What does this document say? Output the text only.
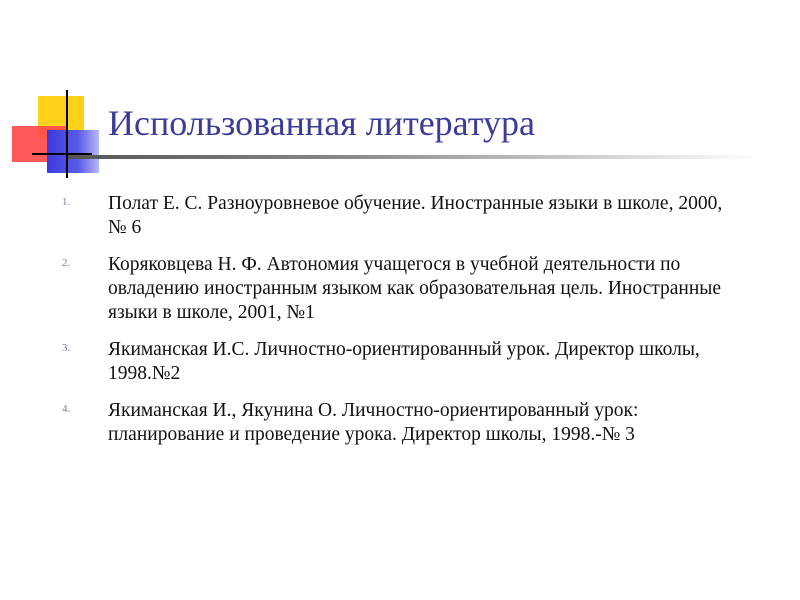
Использованная литература
1. Полат Е. С. Разноуровневое обучение. Иностранные языки в школе, 2000, № 6
2. Коряковцева Н. Ф. Автономия учащегося в учебной деятельности по овладению иностранным языком как образовательная цель. Иностранные языки в школе, 2001, №1
3. Якиманская И.С. Личностно-ориентированный урок. Директор школы, 1998.№2
4. Якиманская И., Якунина О. Личностно-ориентированный урок: планирование и проведение урока. Директор школы, 1998.-№ 3
